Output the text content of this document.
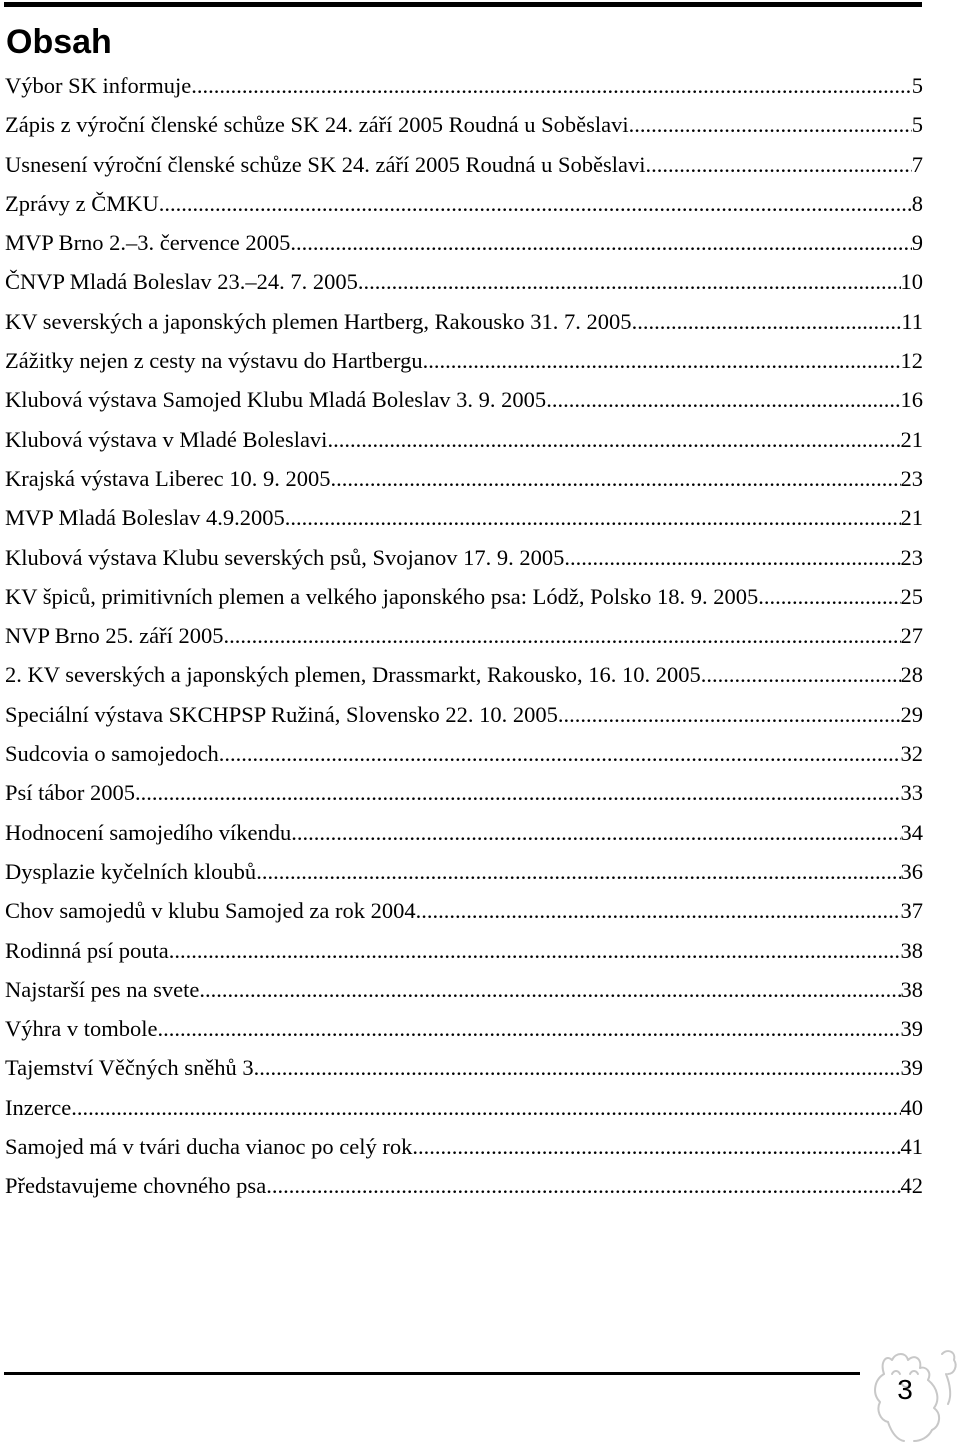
Obsah
Výbor SK informuje .....	5
Zápis z výroční členské schůze SK 24. září 2005 Roudná u Soběslavi .....	5
Usnesení výroční členské schůze SK 24. září 2005 Roudná u Soběslavi .....	7
Zprávy z ČMKU .....	8
MVP Brno 2.–3. července 2005 .....	9
ČNVP Mladá Boleslav 23.–24. 7. 2005 .....	10
KV severských a japonských plemen Hartberg, Rakousko 31. 7. 2005 .....	11
Zážitky nejen z cesty na výstavu do Hartbergu .....	12
Klubová výstava Samojed Klubu Mladá Boleslav 3. 9. 2005 .....	16
Klubová výstava v Mladé Boleslavi .....	21
Krajská výstava Liberec 10. 9. 2005 .....	23
MVP Mladá Boleslav 4.9.2005 .....	21
Klubová výstava Klubu severských psů, Svojanov 17. 9. 2005 .....	23
KV špiců, primitivních plemen a velkého japonského psa: Lódž, Polsko 18. 9. 2005 .....	25
NVP Brno 25. září 2005 .....	27
2. KV severských a japonských plemen, Drassmarkt, Rakousko, 16. 10. 2005 .....	28
Speciální výstava SKCHPSP Ružiná, Slovensko 22. 10. 2005 .....	29
Sudcovia o samojedoch .....	32
Psí tábor 2005 .....	33
Hodnocení samojedího víkendu .....	34
Dysplazie kyčelních kloubů .....	36
Chov samojedů v klubu Samojed za rok 2004 .....	37
Rodinná psí pouta .....	38
Najstarší pes na svete .....	38
Výhra v tombole .....	39
Tajemství Věčných sněhů 3 .....	39
Inzerce .....	40
Samojed má v tvári ducha vianoc po celý rok .....	41
Představujeme chovného psa .....	42
3
